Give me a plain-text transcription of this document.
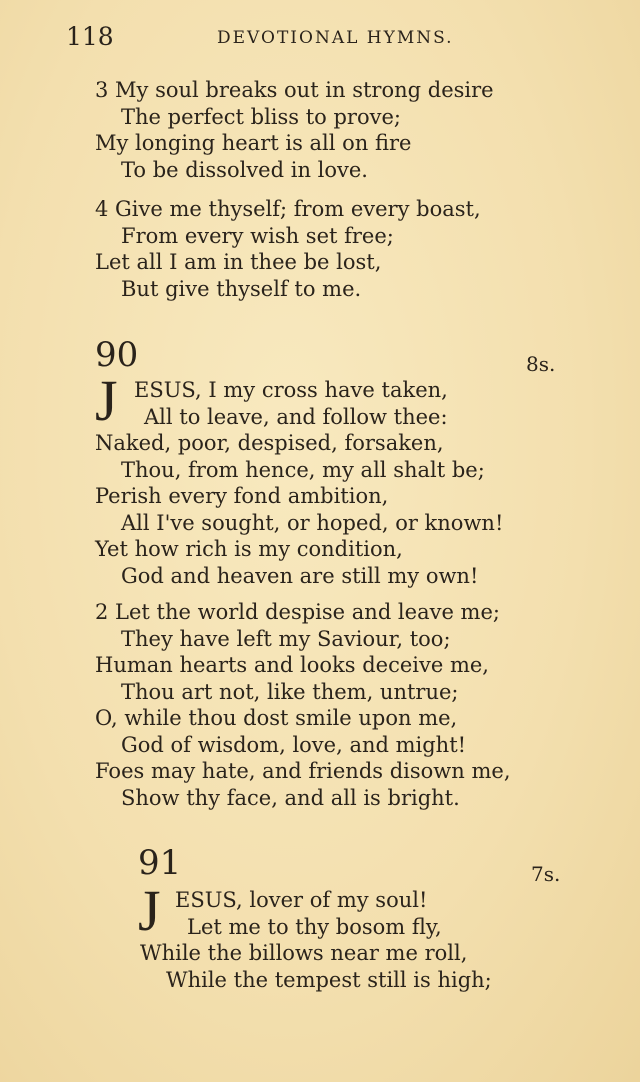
118	DEVOTIONAL HYMNS.
3 My soul breaks out in strong desire
The perfect bliss to prove;
My longing heart is all on fire
To be dissolved in love.
4 Give me thyself; from every boast,
From every wish set free;
Let all I am in thee be lost,
But give thyself to me.
90	8s.
J ESUS, I my cross have taken,
All to leave, and follow thee:
Naked, poor, despised, forsaken,
Thou, from hence, my all shalt be;
Perish every fond ambition,
All I've sought, or hoped, or known!
Yet how rich is my condition,
God and heaven are still my own!
2 Let the world despise and leave me;
They have left my Saviour, too;
Human hearts and looks deceive me,
Thou art not, like them, untrue;
O, while thou dost smile upon me,
God of wisdom, love, and might!
Foes may hate, and friends disown me,
Show thy face, and all is bright.
91	7s.
J ESUS, lover of my soul!
Let me to thy bosom fly,
While the billows near me roll,
While the tempest still is high;
